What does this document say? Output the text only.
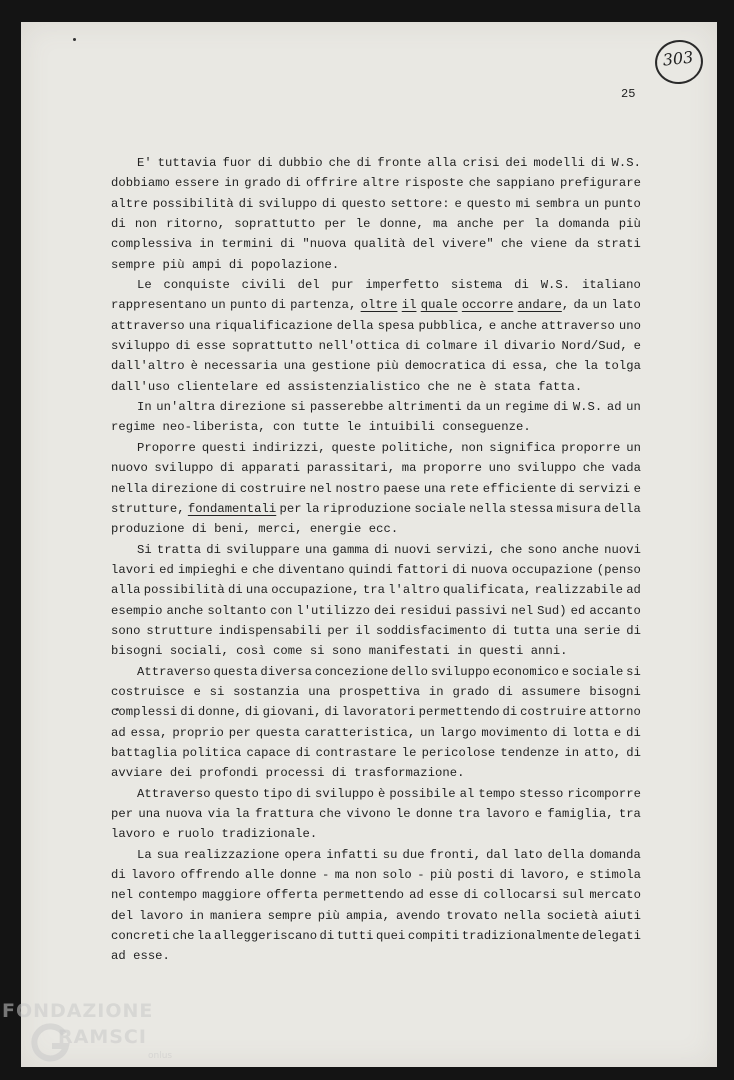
303
25
E' tuttavia fuor di dubbio che di fronte alla crisi dei modelli di W.S.
dobbiamo essere in grado di offrire altre risposte che sappiano prefigurare
altre possibilità di sviluppo di questo settore: e questo mi sembra un punto
di non ritorno, soprattutto per le donne, ma anche per la domanda più
complessiva in termini di "nuova qualità del vivere" che viene da strati
sempre più ampi di popolazione.
Le conquiste civili del pur imperfetto sistema di W.S. italiano
rappresentano un punto di partenza, oltre il quale occorre andare, da un lato
attraverso una riqualificazione della spesa pubblica, e anche attraverso uno
sviluppo di esse soprattutto nell'ottica di colmare il divario Nord/Sud, e
dall'altro è necessaria una gestione più democratica di essa, che la tolga
dall'uso clientelare ed assistenzialistico che ne è stata fatta.
In un'altra direzione si passerebbe altrimenti da un regime di W.S. ad un
regime neo-liberista, con tutte le intuibili conseguenze.
Proporre questi indirizzi, queste politiche, non significa proporre un
nuovo sviluppo di apparati parassitari, ma proporre uno sviluppo che vada
nella direzione di costruire nel nostro paese una rete efficiente di servizi e
strutture, fondamentali per la riproduzione sociale nella stessa misura della
produzione di beni, merci, energie ecc.
Si tratta di sviluppare una gamma di nuovi servizi, che sono anche nuovi
lavori ed impieghi e che diventano quindi fattori di nuova occupazione (penso
alla possibilità di una occupazione, tra l'altro qualificata, realizzabile ad
esempio anche soltanto con l'utilizzo dei residui passivi nel Sud) ed accanto
sono strutture indispensabili per il soddisfacimento di tutta una serie di
bisogni sociali, così come si sono manifestati in questi anni.
Attraverso questa diversa concezione dello sviluppo economico e sociale si
costruisce e si sostanzia una prospettiva in grado di assumere bisogni
complessi di donne, di giovani, di lavoratori permettendo di costruire attorno
ad essa, proprio per questa caratteristica, un largo movimento di lotta e di
battaglia politica capace di contrastare le pericolose tendenze in atto, di
avviare dei profondi processi di trasformazione.
Attraverso questo tipo di sviluppo è possibile al tempo stesso ricomporre
per una nuova via la frattura che vivono le donne tra lavoro e famiglia, tra
lavoro e ruolo tradizionale.
La sua realizzazione opera infatti su due fronti, dal lato della domanda
di lavoro offrendo alle donne - ma non solo - più posti di lavoro, e stimola
nel contempo maggiore offerta permettendo ad esse di collocarsi sul mercato
del lavoro in maniera sempre più ampia, avendo trovato nella società aiuti
concreti che la alleggeriscano di tutti quei compiti tradizionalmente delegati
ad esse.
FONDAZIONE
RAMSCI
onlus
